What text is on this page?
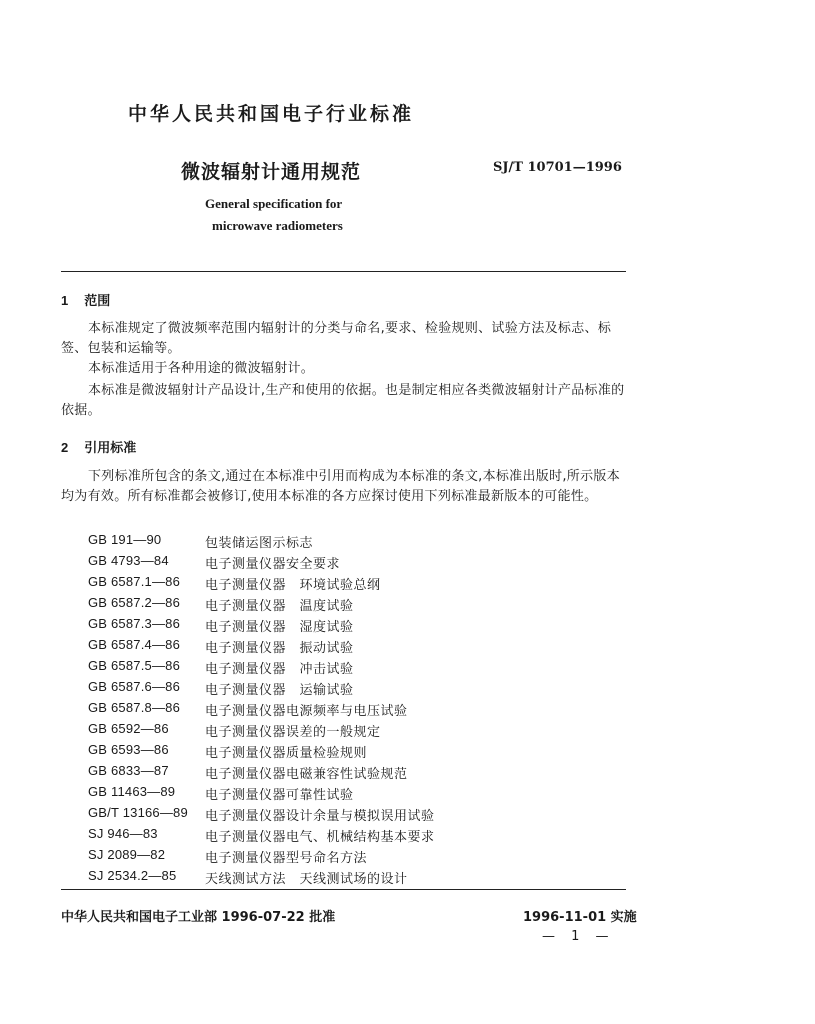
中华人民共和国电子行业标准
微波辐射计通用规范	SJ/T 10701—1996
General specification for
microwave radiometers
1 范围
本标准规定了微波频率范围内辐射计的分类与命名,要求、检验规则、试验方法及标志、标签、包装和运输等。
本标准适用于各种用途的微波辐射计。
本标准是微波辐射计产品设计,生产和使用的依据。也是制定相应各类微波辐射计产品标准的依据。
2 引用标准
下列标准所包含的条文,通过在本标准中引用而构成为本标准的条文,本标准出版时,所示版本均为有效。所有标准都会被修订,使用本标准的各方应探讨使用下列标准最新版本的可能性。
GB 191—90	包装储运图示标志
GB 4793—84	电子测量仪器安全要求
GB 6587.1—86 电子测量仪器　环境试验总纲
GB 6587.2—86 电子测量仪器　温度试验
GB 6587.3—86 电子测量仪器　湿度试验
GB 6587.4—86 电子测量仪器　振动试验
GB 6587.5—86 电子测量仪器　冲击试验
GB 6587.6—86 电子测量仪器　运输试验
GB 6587.8—86 电子测量仪器电源频率与电压试验
GB 6592—86	电子测量仪器误差的一般规定
GB 6593—86	电子测量仪器质量检验规则
GB 6833—87	电子测量仪器电磁兼容性试验规范
GB 11463—89 电子测量仪器可靠性试验
GB/T 13166—89 电子测量仪器设计余量与模拟误用试验
SJ 946—83	电子测量仪器电气、机械结构基本要求
SJ 2089—82	电子测量仪器型号命名方法
SJ 2534.2—85 天线测试方法　天线测试场的设计
中华人民共和国电子工业部 1996-07-22 批准	1996-11-01 实施
— 1 —
